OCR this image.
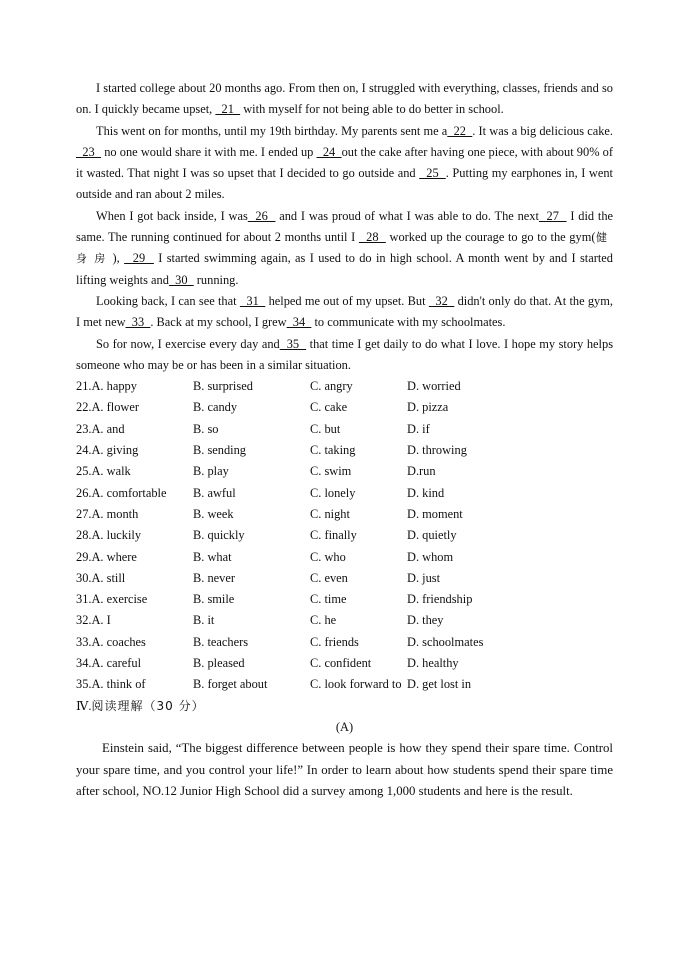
I started college about 20 months ago. From then on, I struggled with everything, classes, friends and so on. I quickly became upset,   21   with myself for not being able to do better in school.

This went on for months, until my 19th birthday. My parents sent me a  22  . It was a big delicious cake.   23   no one would share it with me. I ended up   24  out the cake after having one piece, with about 90% of it wasted. That night I was so upset that I decided to go outside and   25  . Putting my earphones in, I went outside and ran about 2 miles.

When I got back inside, I was  26   and I was proud of what I was able to do. The next  27   I did the same. The running continued for about 2 months until I   28   worked up the courage to go to the gym(健身房),   29   I started swimming again, as I used to do in high school. A month went by and I started lifting weights and  30   running.

Looking back, I can see that   31   helped me out of my upset. But   32   didn't only do that. At the gym, I met new  33  . Back at my school, I grew  34   to communicate with my schoolmates.

So for now, I exercise every day and  35   that time I get daily to do what I love. I hope my story helps someone who may be or has been in a similar situation.

21.A. happy	B. surprised	C. angry	D. worried
22.A. flower	B. candy	C. cake	D. pizza
23.A. and	B. so	C. but	D. if
24.A. giving	B. sending	C. taking	D. throwing
25.A. walk	B. play	C. swim	D.run
26.A. comfortable	B. awful	C. lonely	D. kind
27.A. month	B. week	C. night	D. moment
28.A. luckily	B. quickly	C. finally	D. quietly
29.A. where	B. what	C. who	D. whom
30.A. still	B. never	C. even	D. just
31.A. exercise	B. smile	C. time	D. friendship
32.A. I	B. it	C. he	D. they
33.A. coaches	B. teachers	C. friends	D. schoolmates
34.A. careful	B. pleased	C. confident	D. healthy
35.A. think of	B. forget about	C. look forward to D. get lost in
Ⅳ.阅读理解（30 分）
(A)

Einstein said, “The biggest difference between people is how they spend their spare time. Control your spare time, and you control your life!” In order to learn about how students spend their spare time after school, NO.12 Junior High School did a survey among 1,000 students and here is the result.
